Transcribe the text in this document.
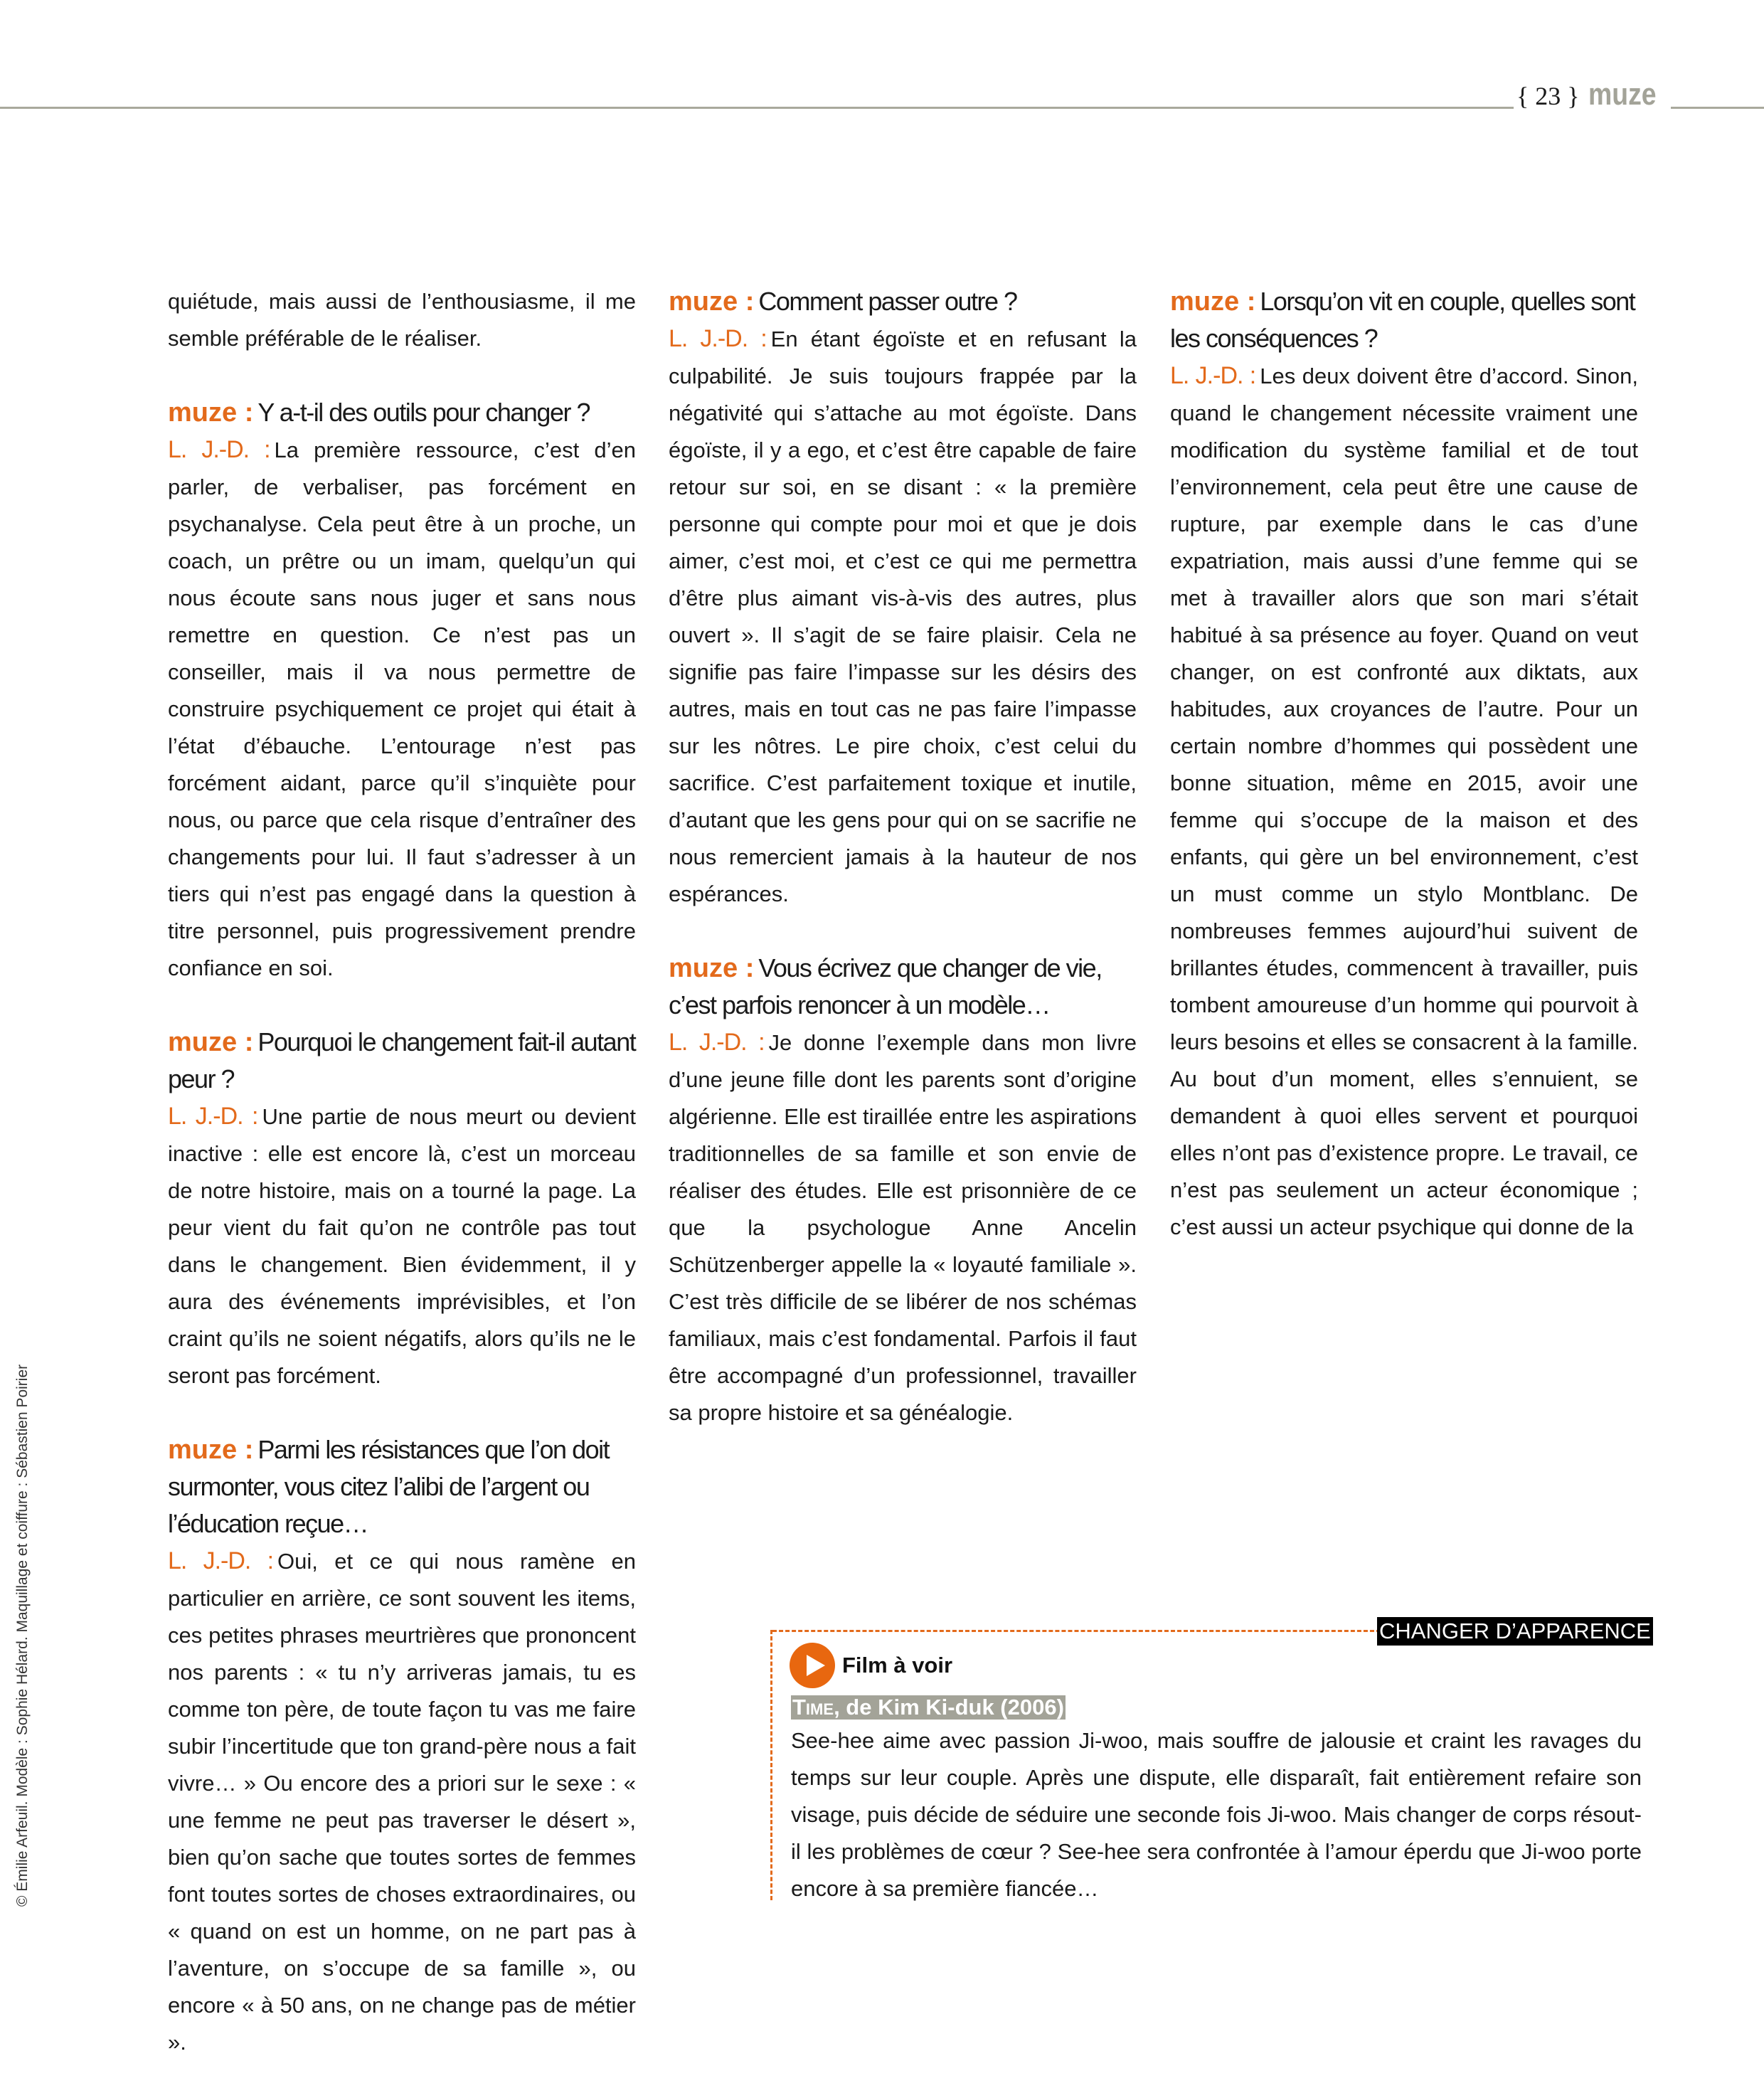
{ 23 } muze
© Émilie Arfeuil. Modèle : Sophie Hélard. Maquillage et coiffure : Sébastien Poirier

quiétude, mais aussi de l’enthousiasme, il me semble préférable de le réaliser.

muze : Y a-t-il des outils pour changer ?
L. J.-D. : La première ressource, c’est d’en parler, de verbaliser, pas forcément en psychanalyse. Cela peut être à un proche, un coach, un prêtre ou un imam, quelqu’un qui nous écoute sans nous juger et sans nous remettre en question. Ce n’est pas un conseiller, mais il va nous permettre de construire psychiquement ce projet qui était à l’état d’ébauche. L’entourage n’est pas forcément aidant, parce qu’il s’inquiète pour nous, ou parce que cela risque d’entraîner des changements pour lui. Il faut s’adresser à un tiers qui n’est pas engagé dans la question à titre personnel, puis progressivement prendre confiance en soi.
muze : Pourquoi le changement fait-il autant peur ?
L. J.-D. : Une partie de nous meurt ou devient inactive : elle est encore là, c’est un morceau de notre histoire, mais on a tourné la page. La peur vient du fait qu’on ne contrôle pas tout dans le changement. Bien évidemment, il y aura des événements imprévisibles, et l’on craint qu’ils ne soient négatifs, alors qu’ils ne le seront pas forcément.
muze : Parmi les résistances que l’on doit surmonter, vous citez l’alibi de l’argent ou l’éducation reçue…
L. J.-D. : Oui, et ce qui nous ramène en particulier en arrière, ce sont souvent les items, ces petites phrases meurtrières que prononcent nos parents : « tu n’y arriveras jamais, tu es comme ton père, de toute façon tu vas me faire subir l’incertitude que ton grand-père nous a fait vivre… » Ou encore des a priori sur le sexe : « une femme ne peut pas traverser le désert », bien qu’on sache que toutes sortes de femmes font toutes sortes de choses extraordinaires, ou « quand on est un homme, on ne part pas à l’aventure, on s’occupe de sa famille », ou encore « à 50 ans, on ne change pas de métier ».
muze : Comment passer outre ?
L. J.-D. : En étant égoïste et en refusant la culpabilité. Je suis toujours frappée par la négativité qui s’attache au mot égoïste. Dans égoïste, il y a ego, et c’est être capable de faire retour sur soi, en se disant : « la première personne qui compte pour moi et que je dois aimer, c’est moi, et c’est ce qui me permettra d’être plus aimant vis-à-vis des autres, plus ouvert ». Il s’agit de se faire plaisir. Cela ne signifie pas faire l’impasse sur les désirs des autres, mais en tout cas ne pas faire l’impasse sur les nôtres. Le pire choix, c’est celui du sacrifice. C’est parfaitement toxique et inutile, d’autant que les gens pour qui on se sacrifie ne nous remercient jamais à la hauteur de nos espérances.
muze : Vous écrivez que changer de vie, c’est parfois renoncer à un modèle…
L. J.-D. : Je donne l’exemple dans mon livre d’une jeune fille dont les parents sont d’origine algérienne. Elle est tiraillée entre les aspirations traditionnelles de sa famille et son envie de réaliser des études. Elle est prisonnière de ce que la psychologue Anne Ancelin Schützenberger appelle la « loyauté familiale ». C’est très difficile de se libérer de nos schémas familiaux, mais c’est fondamental. Parfois il faut être accompagné d’un professionnel, travailler sa propre histoire et sa généalogie.
muze : Lorsqu’on vit en couple, quelles sont les conséquences ?
L. J.-D. : Les deux doivent être d’accord. Sinon, quand le changement nécessite vraiment une modification du système familial et de tout l’environnement, cela peut être une cause de rupture, par exemple dans le cas d’une expatriation, mais aussi d’une femme qui se met à travailler alors que son mari s’était habitué à sa présence au foyer. Quand on veut changer, on est confronté aux diktats, aux habitudes, aux croyances de l’autre. Pour un certain nombre d’hommes qui possèdent une bonne situation, même en 2015, avoir une femme qui s’occupe de la maison et des enfants, qui gère un bel environnement, c’est un must comme un stylo Montblanc. De nombreuses femmes aujourd’hui suivent de brillantes études, commencent à travailler, puis tombent amoureuse d’un homme qui pourvoit à leurs besoins et elles se consacrent à la famille. Au bout d’un moment, elles s’ennuient, se demandent à quoi elles servent et pourquoi elles n’ont pas d’existence propre. Le travail, ce n’est pas seulement un acteur économique ; c’est aussi un acteur psychique qui donne de la
CHANGER D’APPARENCE
Film à voir
Time, de Kim Ki-duk (2006)

See-hee aime avec passion Ji-woo, mais souffre de jalousie et craint les ravages du temps sur leur couple. Après une dispute, elle disparaît, fait entièrement refaire son visage, puis décide de séduire une seconde fois Ji-woo. Mais changer de corps résout-il les problèmes de cœur ? See-hee sera confrontée à l’amour éperdu que Ji-woo porte encore à sa première fiancée…
